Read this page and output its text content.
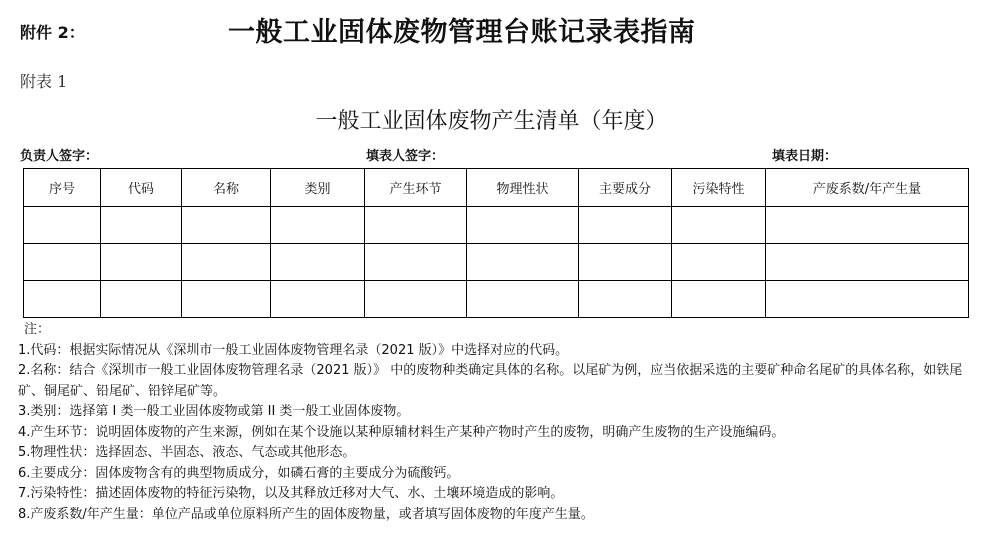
附件 2：	一般工业固体废物管理台账记录表指南
附表 1
一般工业固体废物产生清单（年度）
负责人签字：	填表人签字：	填表日期：
序号	代码	名称	类别	产生环节	物理性状	主要成分	污染特性	产废系数/年产生量

注：

1.代码：根据实际情况从《深圳市一般工业固体废物管理名录（2021 版）》中选择对应的代码。

2.名称：结合《深圳市一般工业固体废物管理名录（2021 版）》 中的废物种类确定具体的名称。以尾矿为例，应当依据采选的主要矿种命名尾矿的具体名称，如铁尾矿、铜尾矿、铅尾矿、铅锌尾矿等。

3.类别：选择第 I 类一般工业固体废物或第 II 类一般工业固体废物。

4.产生环节：说明固体废物的产生来源，例如在某个设施以某种原辅材料生产某种产物时产生的废物，明确产生废物的生产设施编码。

5.物理性状：选择固态、半固态、液态、气态或其他形态。

6.主要成分：固体废物含有的典型物质成分，如磷石膏的主要成分为硫酸钙。

7.污染特性：描述固体废物的特征污染物，以及其释放迁移对大气、水、土壤环境造成的影响。

8.产废系数/年产生量：单位产品或单位原料所产生的固体废物量，或者填写固体废物的年度产生量。
